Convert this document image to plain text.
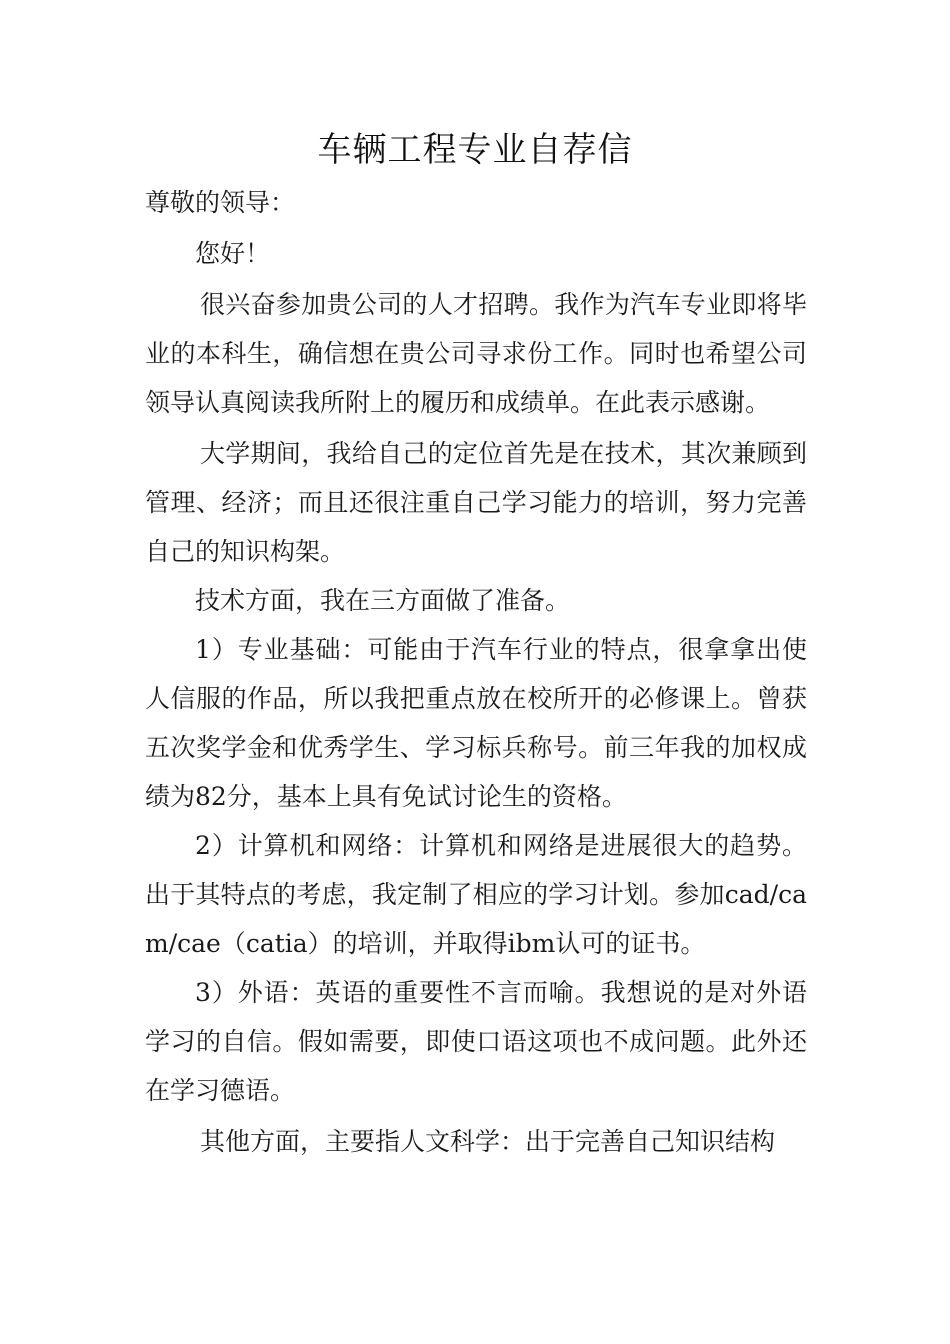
车辆工程专业自荐信

尊敬的领导：

您好！

很兴奋参加贵公司的人才招聘。我作为汽车专业即将毕业的本科生，确信想在贵公司寻求份工作。同时也希望公司领导认真阅读我所附上的履历和成绩单。在此表示感谢。

大学期间，我给自己的定位首先是在技术，其次兼顾到管理、经济；而且还很注重自己学习能力的培训，努力完善自己的知识构架。

技术方面，我在三方面做了准备。

1）专业基础：可能由于汽车行业的特点，很拿拿出使人信服的作品，所以我把重点放在校所开的必修课上。曾获五次奖学金和优秀学生、学习标兵称号。前三年我的加权成绩为82分，基本上具有免试讨论生的资格。

2）计算机和网络：计算机和网络是进展很大的趋势。出于其特点的考虑，我定制了相应的学习计划。参加cad/cam/cae（catia）的培训，并取得ibm认可的证书。

3）外语：英语的重要性不言而喻。我想说的是对外语学习的自信。假如需要，即使口语这项也不成问题。此外还在学习德语。

其他方面，主要指人文科学：出于完善自己知识结构
